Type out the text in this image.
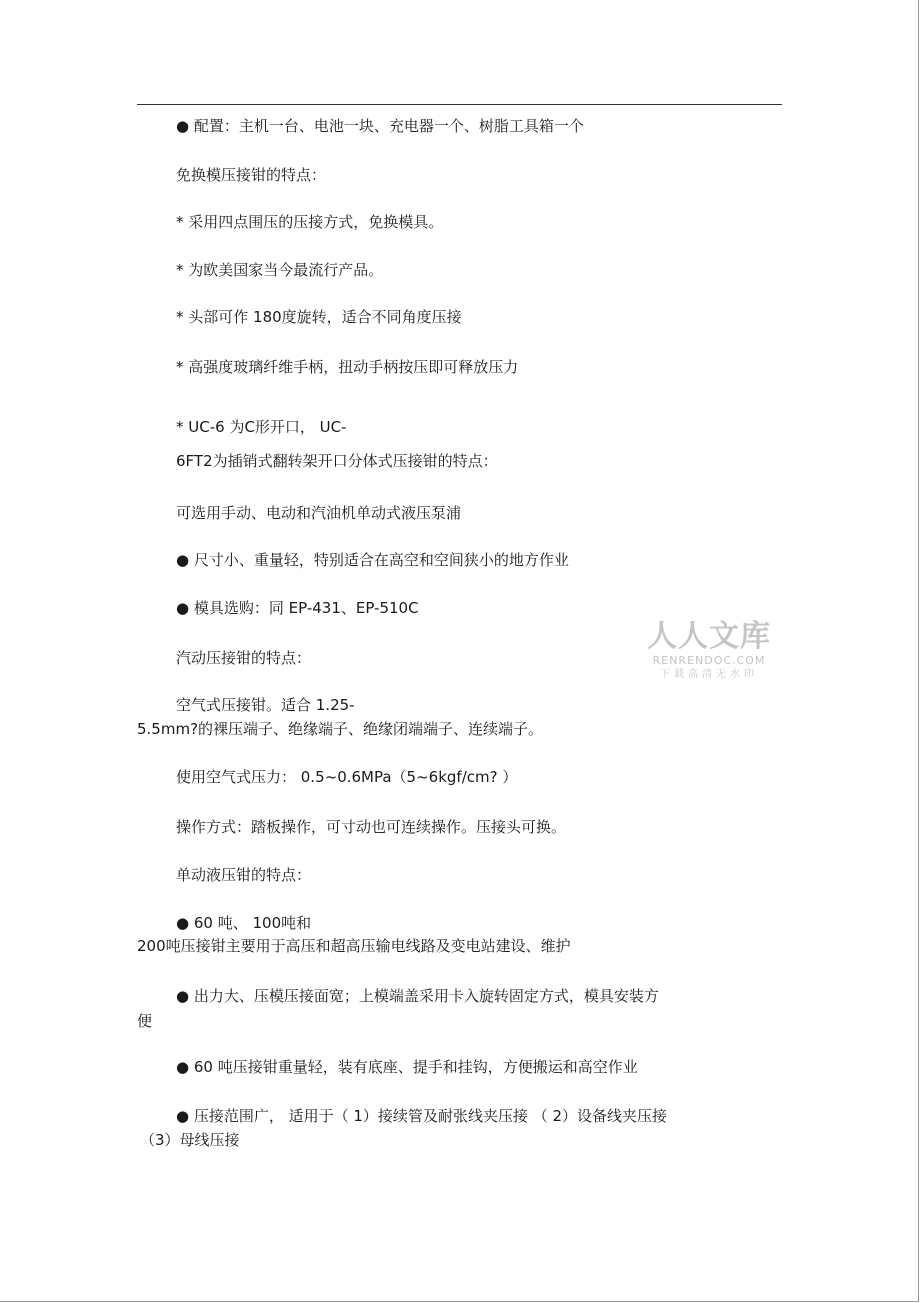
● 配置：主机一台、电池一块、充电器一个、树脂工具箱一个
免换模压接钳的特点：
* 采用四点围压的压接方式，免换模具。
* 为欧美国家当今最流行产品。
* 头部可作 180度旋转，适合不同角度压接
* 高强度玻璃纤维手柄，扭动手柄按压即可释放压力
* UC-6 为C形开口， UC-
6FT2为插销式翻转架开口分体式压接钳的特点：
可选用手动、电动和汽油机单动式液压泵浦
● 尺寸小、重量轻，特别适合在高空和空间狭小的地方作业
● 模具选购：同 EP-431、EP-510C
汽动压接钳的特点：
空气式压接钳。适合 1.25-
5.5mm?的裸压端子、绝缘端子、绝缘闭端端子、连续端子。
使用空气式压力： 0.5~0.6MPa（5~6kgf/cm? ）
操作方式：踏板操作，可寸动也可连续操作。压接头可换。
单动液压钳的特点：
● 60 吨、 100吨和
200吨压接钳主要用于高压和超高压输电线路及变电站建设、维护
● 出力大、压模压接面宽；上模端盖采用卡入旋转固定方式，模具安装方
便
● 60 吨压接钳重量轻，装有底座、提手和挂钩，方便搬运和高空作业
● 压接范围广， 适用于（ 1）接续管及耐张线夹压接 （ 2）设备线夹压接
（3）母线压接
人人文库
RENRENDOC.COM
下载高清无水印
